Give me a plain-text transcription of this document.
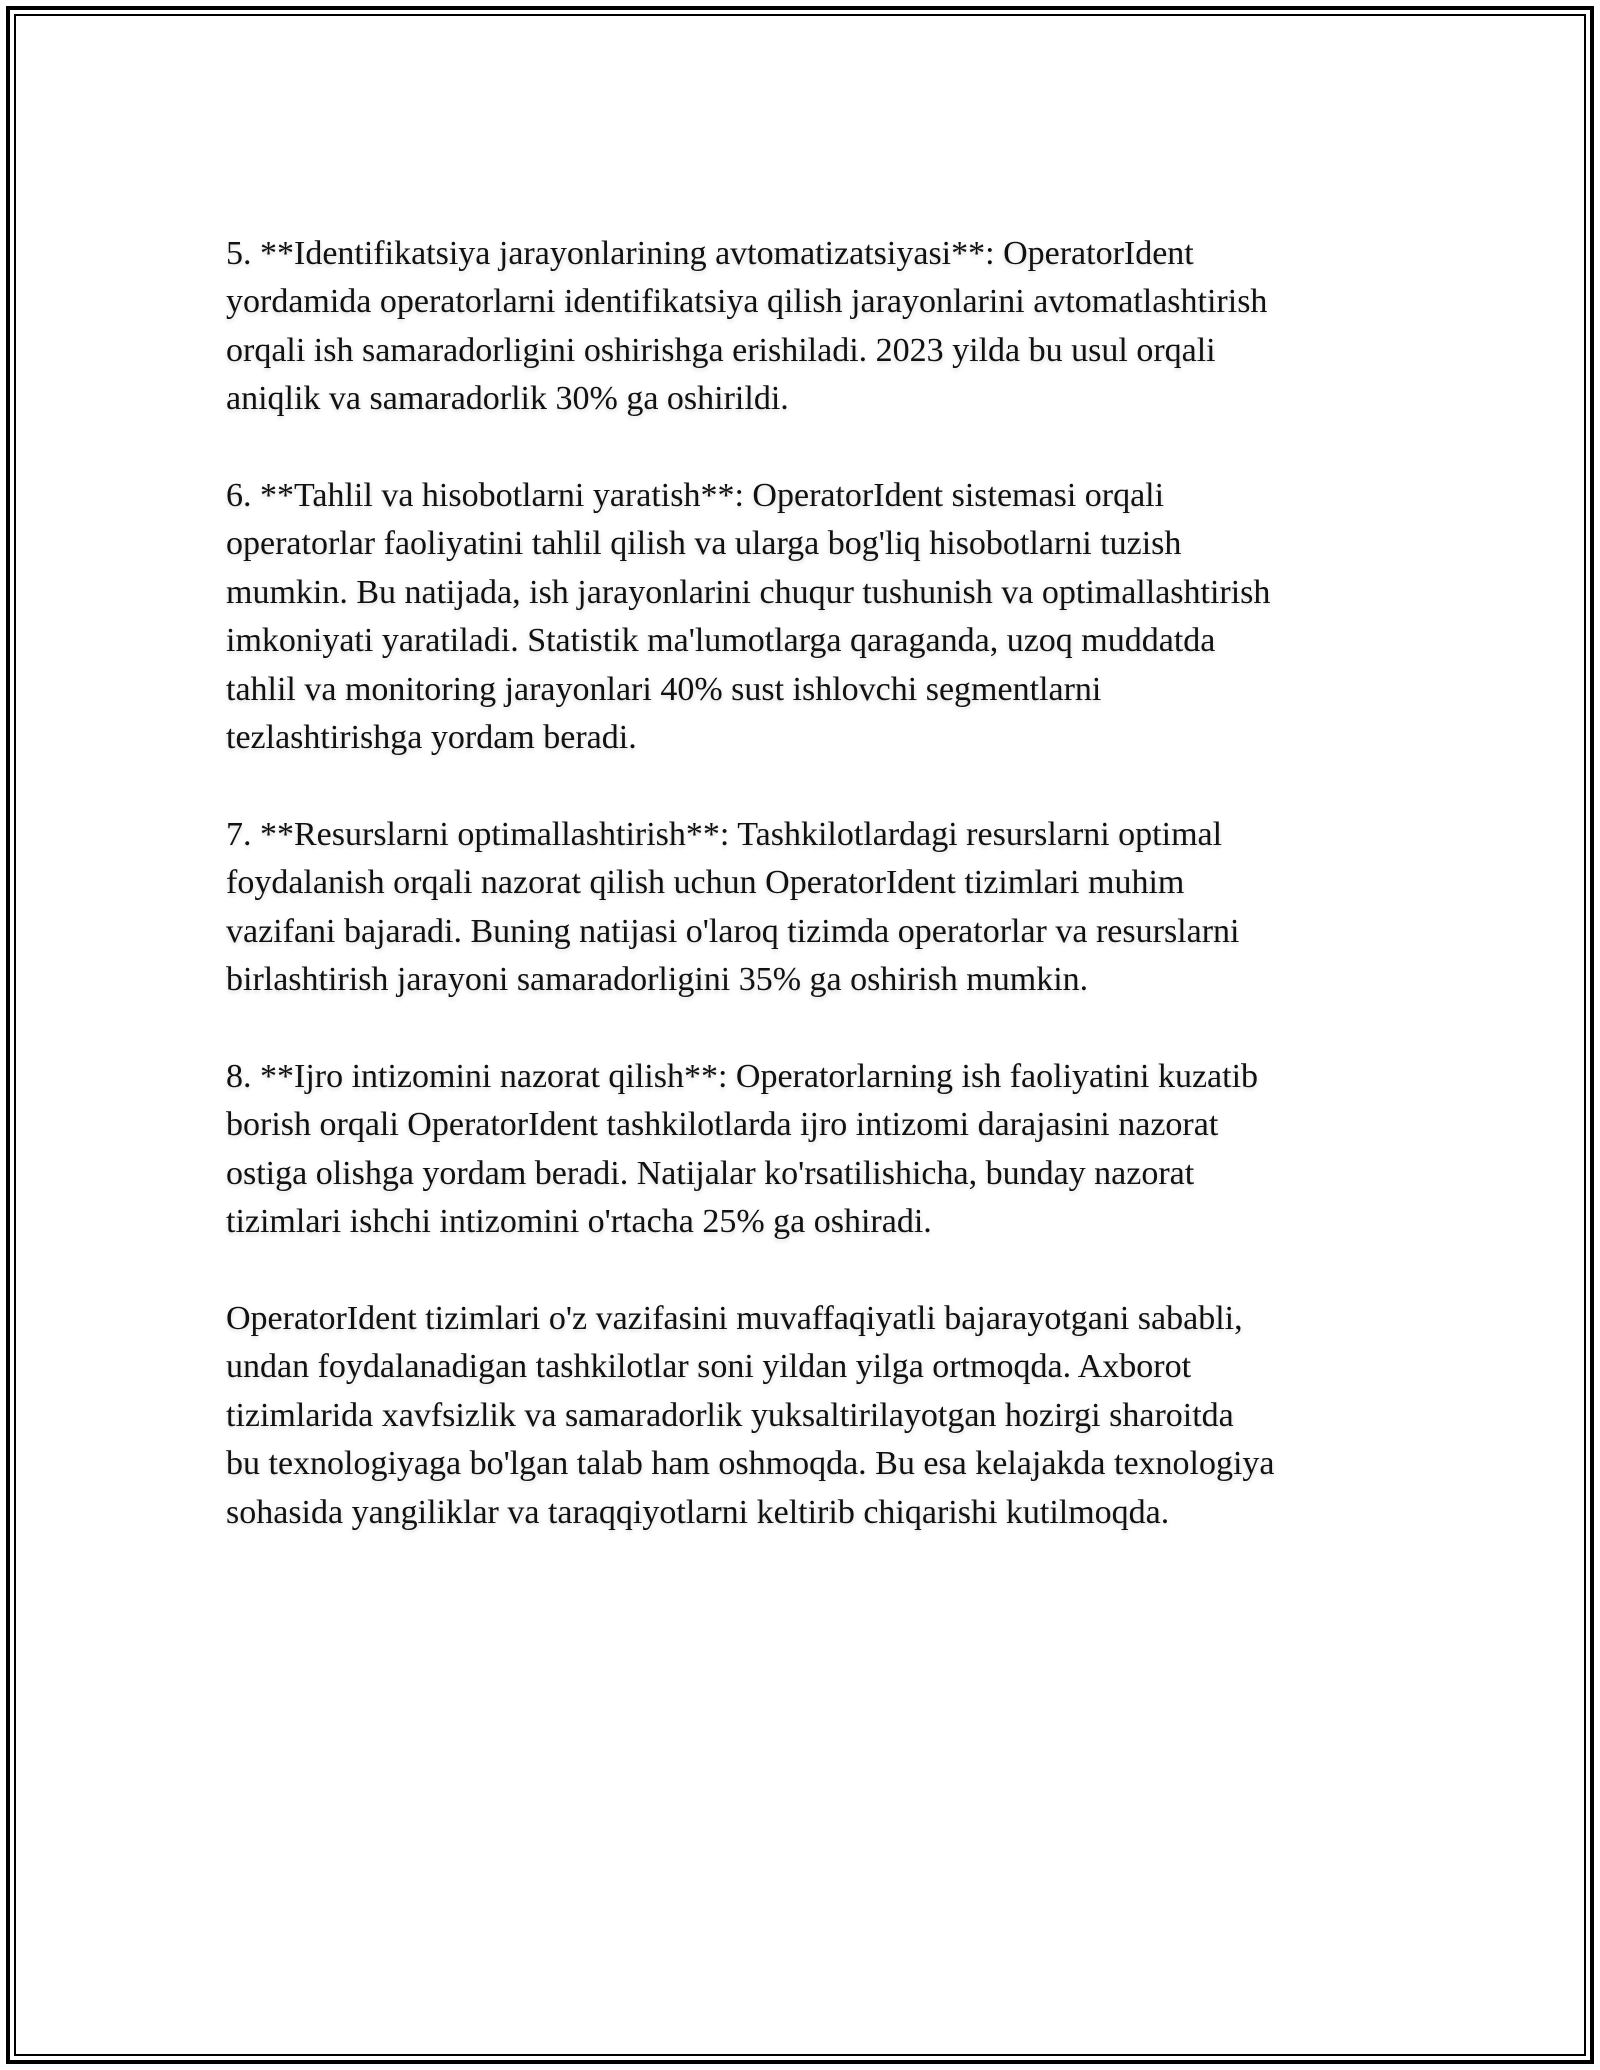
5. **Identifikatsiya jarayonlarining avtomatizatsiyasi**: OperatorIdent
yordamida operatorlarni identifikatsiya qilish jarayonlarini avtomatlashtirish
orqali ish samaradorligini oshirishga erishiladi. 2023 yilda bu usul orqali
aniqlik va samaradorlik 30% ga oshirildi.

6. **Tahlil va hisobotlarni yaratish**: OperatorIdent sistemasi orqali
operatorlar faoliyatini tahlil qilish va ularga bog'liq hisobotlarni tuzish
mumkin. Bu natijada, ish jarayonlarini chuqur tushunish va optimallashtirish
imkoniyati yaratiladi. Statistik ma'lumotlarga qaraganda, uzoq muddatda
tahlil va monitoring jarayonlari 40% sust ishlovchi segmentlarni
tezlashtirishga yordam beradi.

7. **Resurslarni optimallashtirish**: Tashkilotlardagi resurslarni optimal
foydalanish orqali nazorat qilish uchun OperatorIdent tizimlari muhim
vazifani bajaradi. Buning natijasi o'laroq tizimda operatorlar va resurslarni
birlashtirish jarayoni samaradorligini 35% ga oshirish mumkin.

8. **Ijro intizomini nazorat qilish**: Operatorlarning ish faoliyatini kuzatib
borish orqali OperatorIdent tashkilotlarda ijro intizomi darajasini nazorat
ostiga olishga yordam beradi. Natijalar ko'rsatilishicha, bunday nazorat
tizimlari ishchi intizomini o'rtacha 25% ga oshiradi.

OperatorIdent tizimlari o'z vazifasini muvaffaqiyatli bajarayotgani sababli,
undan foydalanadigan tashkilotlar soni yildan yilga ortmoqda. Axborot
tizimlarida xavfsizlik va samaradorlik yuksaltirilayotgan hozirgi sharoitda
bu texnologiyaga bo'lgan talab ham oshmoqda. Bu esa kelajakda texnologiya
sohasida yangiliklar va taraqqiyotlarni keltirib chiqarishi kutilmoqda.
